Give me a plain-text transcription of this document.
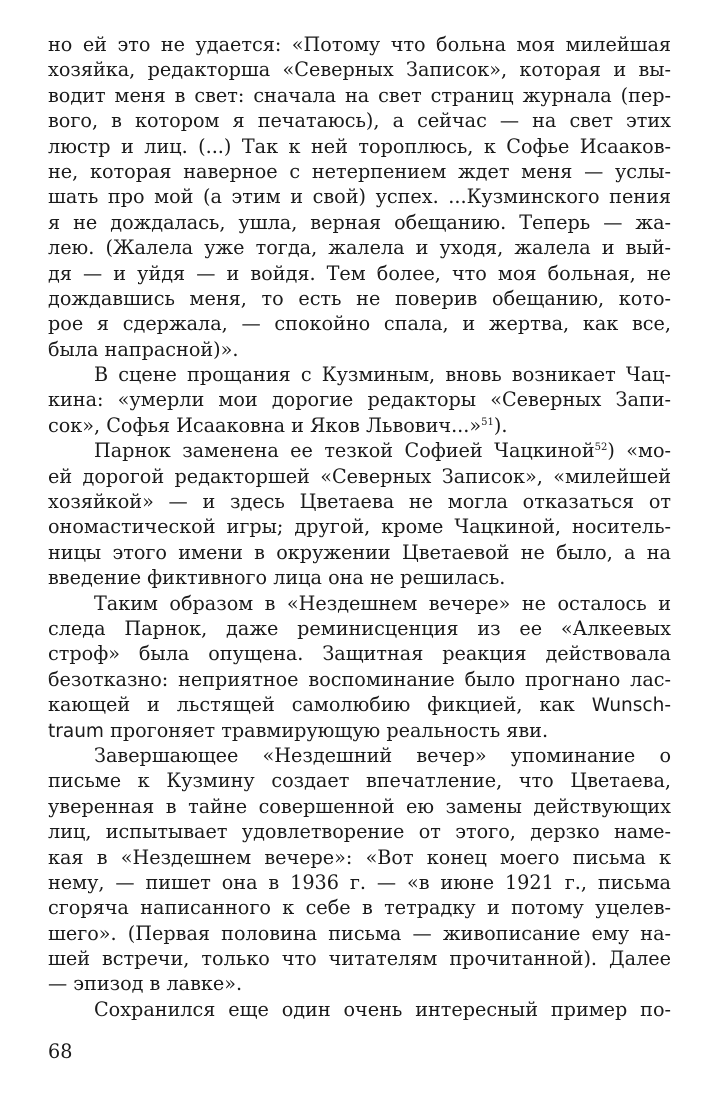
но ей это не удается: «Потому что больна моя милейшая
хозяйка, редакторша «Северных Записок», которая и вы-
водит меня в свет: сначала на свет страниц журнала (пер-
вого, в котором я печатаюсь), а сейчас — на свет этих
люстр и лиц. (...) Так к ней тороплюсь, к Софье Исааков-
не, которая наверное с нетерпением ждет меня — услы-
шать про мой (а этим и свой) успех. ...Кузминского пения
я не дождалась, ушла, верная обещанию. Теперь — жа-
лею. (Жалела уже тогда, жалела и уходя, жалела и вый-
дя — и уйдя — и войдя. Тем более, что моя больная, не
дождавшись меня, то есть не поверив обещанию, кото-
рое я сдержала, — спокойно спала, и жертва, как все,
была напрасной)».
В сцене прощания с Кузминым, вновь возникает Чац-
кина: «умерли мои дорогие редакторы «Северных Запи-
сок», Софья Исааковна и Яков Львович...»$^{51}$).
Парнок заменена ее тезкой Софией Чацкиной$^{52}$) «мо-
ей дорогой редакторшей «Северных Записок», «милейшей
хозяйкой» — и здесь Цветаева не могла отказаться от
ономастической игры; другой, кроме Чацкиной, носитель-
ницы этого имени в окружении Цветаевой не было, а на
введение фиктивного лица она не решилась.
Таким образом в «Нездешнем вечере» не осталось и
следа Парнок, даже реминисценция из ее «Алкеевых
строф» была опущена. Защитная реакция действовала
безотказно: неприятное воспоминание было прогнано лас-
кающей и льстящей самолюбию фикцией, как Wunsch-
traum прогоняет травмирующую реальность яви.
Завершающее «Нездешний вечер» упоминание о
письме к Кузмину создает впечатление, что Цветаева,
уверенная в тайне совершенной ею замены действующих
лиц, испытывает удовлетворение от этого, дерзко наме-
кая в «Нездешнем вечере»: «Вот конец моего письма к
нему, — пишет она в 1936 г. — «в июне 1921 г., письма
сгоряча написанного к себе в тетрадку и потому уцелев-
шего». (Первая половина письма — живописание ему на-
шей встречи, только что читателям прочитанной). Далее
— эпизод в лавке».
Сохранился еще один очень интересный пример по-
68
